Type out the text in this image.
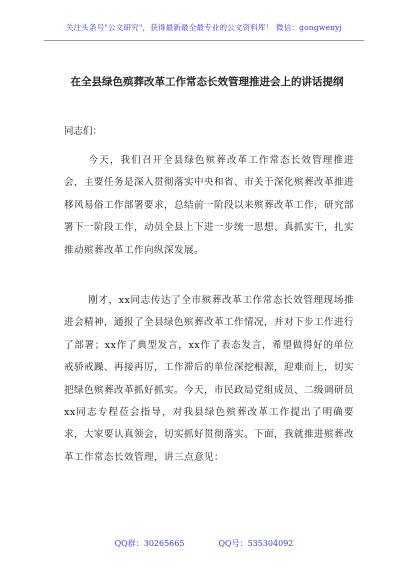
关注头条号"公文研究"，获得最新最全最专业的公文资料库！ 微信：gongwenyj
在全县绿色殡葬改革工作常态长效管理推进会上的讲话提纲

同志们：

今天，我们召开全县绿色殡葬改革工作常态长效管理推进会，主要任务是深入贯彻落实中央和省、市关于深化殡葬改革推进移风易俗工作部署要求，总结前一阶段以来殡葬改革工作，研究部署下一阶段工作，动员全县上下进一步统一思想、真抓实干，扎实推动殡葬改革工作向纵深发展。

刚才，xx同志传达了全市殡葬改革工作常态长效管理现场推进会精神，通报了全县绿色殡葬改革工作情况，并对下步工作进行了部署；xx作了典型发言，xx作了表态发言，希望做得好的单位戒骄戒躁、再接再厉，工作滞后的单位深挖根源，迎难而上，切实把绿色殡葬改革抓好抓实。今天，市民政局党组成员、二级调研员xx同志专程莅会指导，对我县绿色殡葬改革工作提出了明确要求，大家要认真领会，切实抓好贯彻落实。下面，我就推进殡葬改革工作常态长效管理，讲三点意见：

QQ群：30265665	QQ号：535304092
